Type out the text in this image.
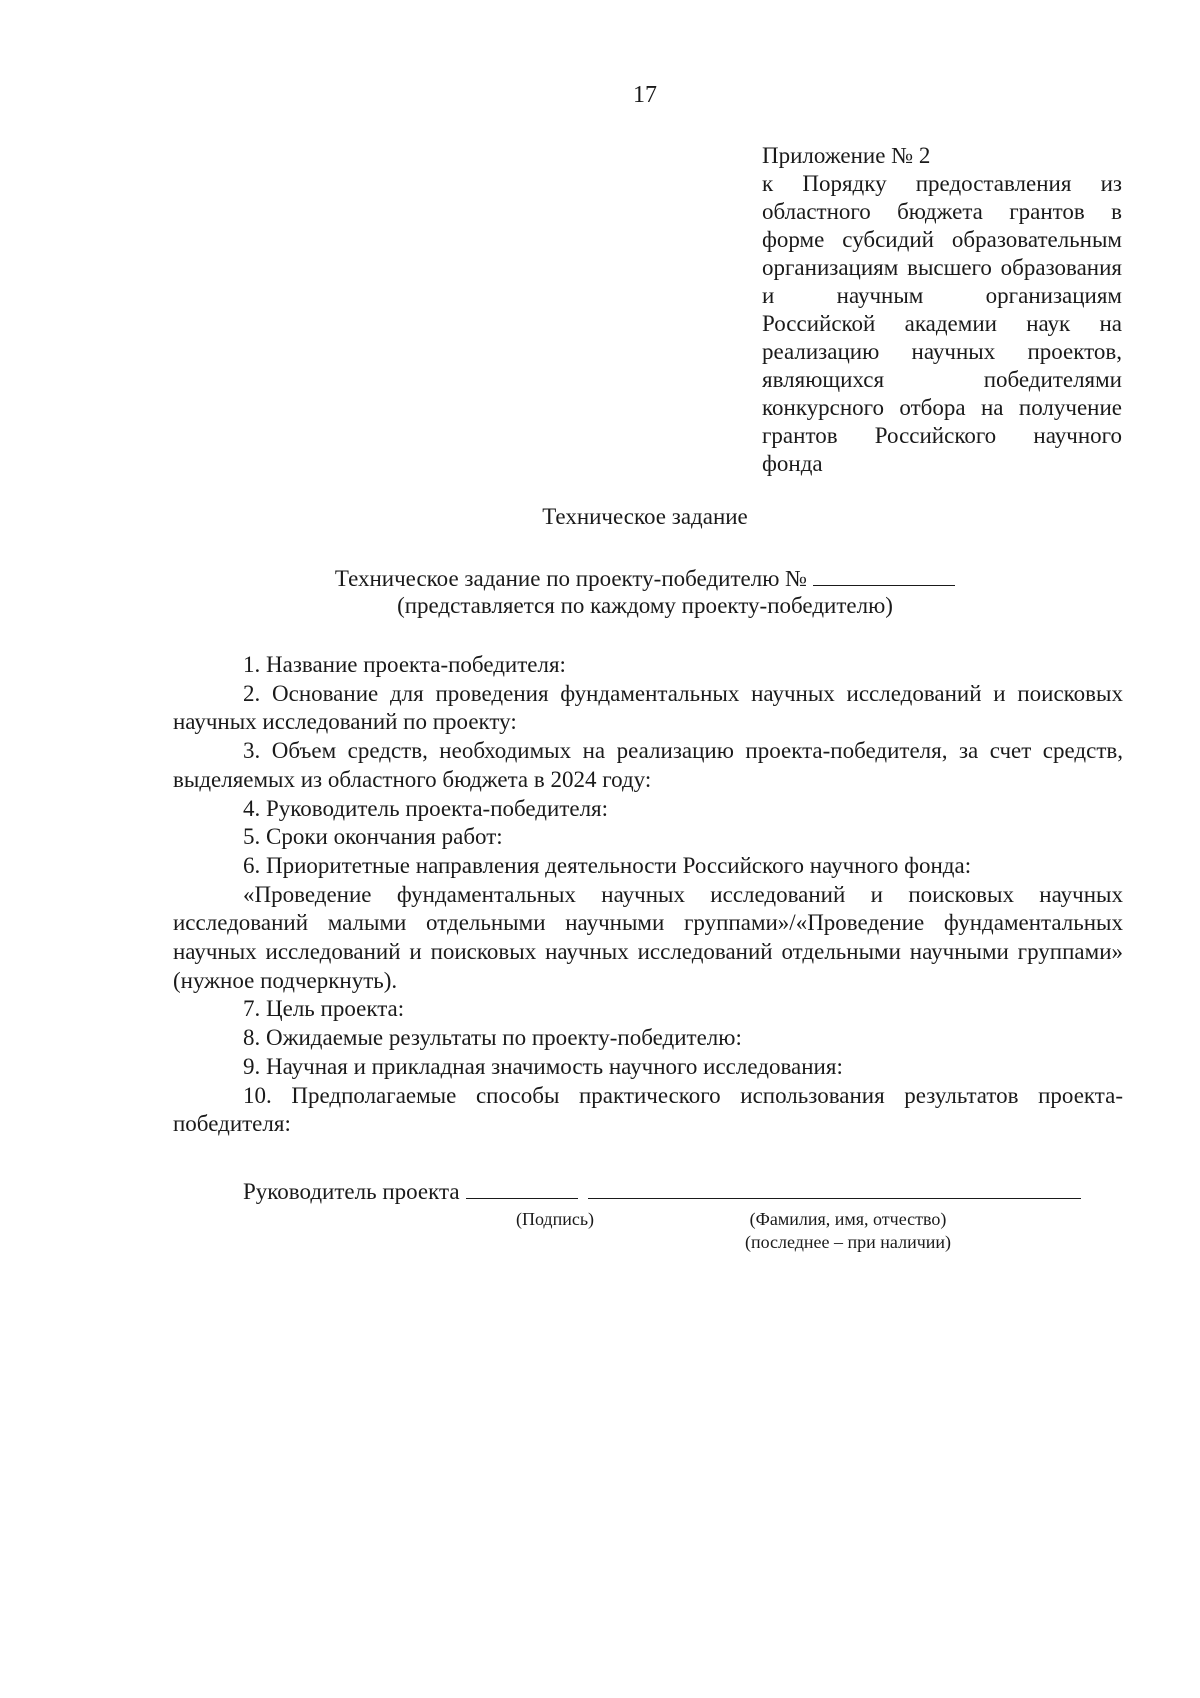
17
Приложение № 2
к Порядку предоставления из областного бюджета грантов в форме субсидий образовательным организациям высшего образования и научным организациям Российской академии наук на реализацию научных проектов, являющихся победителями конкурсного отбора на получение грантов Российского научного фонда
Техническое задание
Техническое задание по проекту-победителю №
(представляется по каждому проекту-победителю)

1. Название проекта-победителя:

2. Основание для проведения фундаментальных научных исследований и поисковых научных исследований по проекту:

3. Объем средств, необходимых на реализацию проекта-победителя, за счет средств, выделяемых из областного бюджета в 2024 году:

4. Руководитель проекта-победителя:

5. Сроки окончания работ:

6. Приоритетные направления деятельности Российского научного фонда:

«Проведение фундаментальных научных исследований и поисковых научных исследований малыми отдельными научными группами»/«Проведение фундаментальных научных исследований и поисковых научных исследований отдельными научными группами» (нужное подчеркнуть).

7. Цель проекта:

8. Ожидаемые результаты по проекту-победителю:

9. Научная и прикладная значимость научного исследования:

10. Предполагаемые способы практического использования результатов проекта-победителя:

Руководитель проекта
(Подпись)	(Фамилия, имя, отчество)
(последнее – при наличии)
